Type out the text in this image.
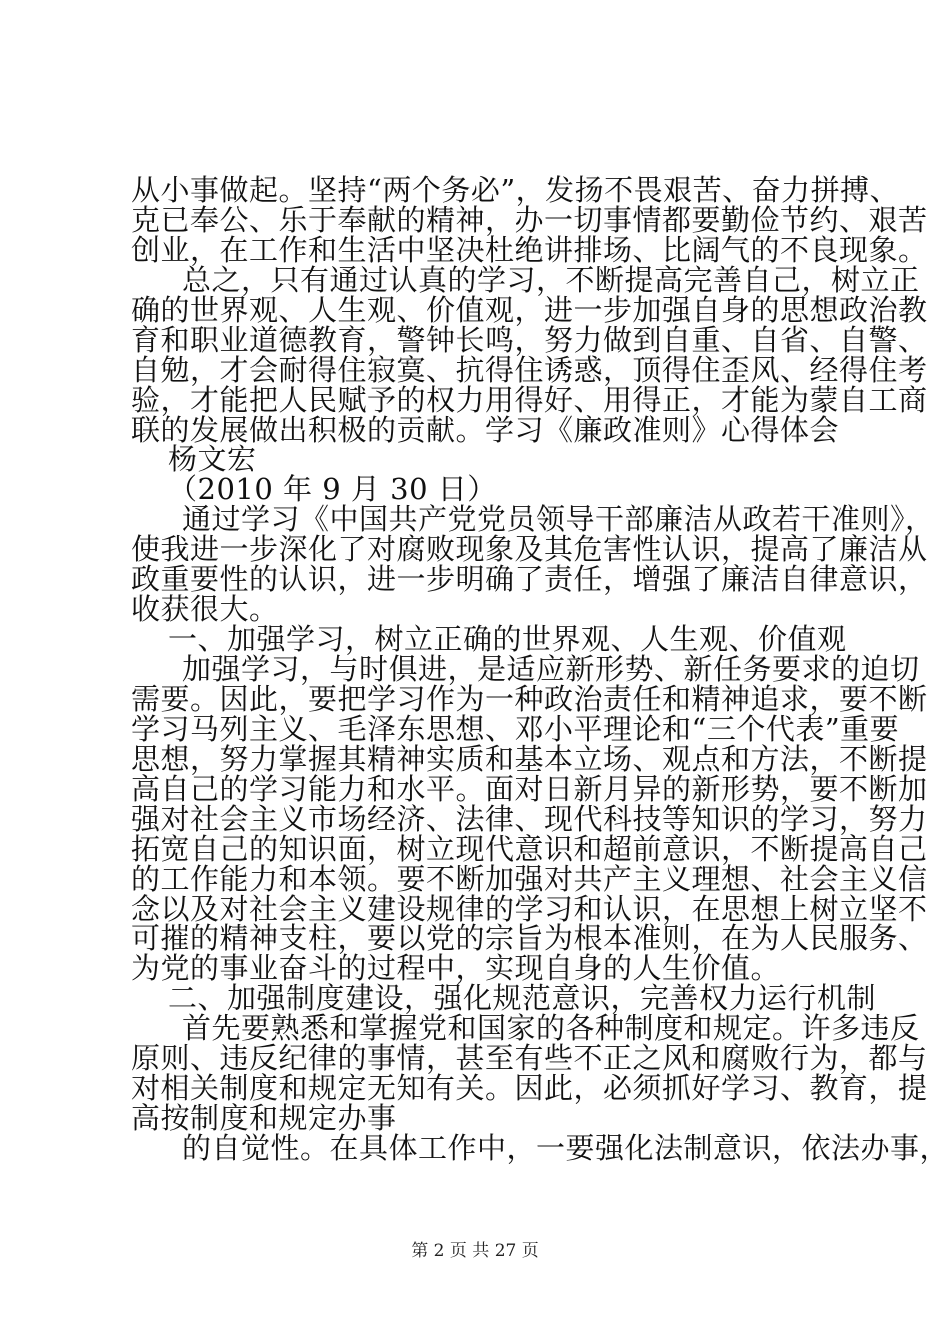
从小事做起。坚持“两个务必”，发扬不畏艰苦、奋力拼搏、
克已奉公、乐于奉献的精神，办一切事情都要勤俭节约、艰苦
创业，在工作和生活中坚决杜绝讲排场、比阔气的不良现象。
总之，只有通过认真的学习，不断提高完善自己，树立正
确的世界观、人生观、价值观，进一步加强自身的思想政治教
育和职业道德教育，警钟长鸣，努力做到自重、自省、自警、
自勉，才会耐得住寂寞、抗得住诱惑，顶得住歪风、经得住考
验，才能把人民赋予的权力用得好、用得正，才能为蒙自工商
联的发展做出积极的贡献。学习《廉政准则》心得体会
杨文宏
（2010 年 9 月 30 日）
通过学习《中国共产党党员领导干部廉洁从政若干准则》，
使我进一步深化了对腐败现象及其危害性认识，提高了廉洁从
政重要性的认识，进一步明确了责任，增强了廉洁自律意识，
收获很大。
一、加强学习，树立正确的世界观、人生观、价值观
加强学习，与时俱进，是适应新形势、新任务要求的迫切
需要。因此，要把学习作为一种政治责任和精神追求，要不断
学习马列主义、毛泽东思想、邓小平理论和“三个代表”重要
思想，努力掌握其精神实质和基本立场、观点和方法，不断提
高自己的学习能力和水平。面对日新月异的新形势，要不断加
强对社会主义市场经济、法律、现代科技等知识的学习，努力
拓宽自己的知识面，树立现代意识和超前意识，不断提高自己
的工作能力和本领。要不断加强对共产主义理想、社会主义信
念以及对社会主义建设规律的学习和认识，在思想上树立坚不
可摧的精神支柱，要以党的宗旨为根本准则，在为人民服务、
为党的事业奋斗的过程中，实现自身的人生价值。
二、加强制度建设，强化规范意识，完善权力运行机制
首先要熟悉和掌握党和国家的各种制度和规定。许多违反
原则、违反纪律的事情，甚至有些不正之风和腐败行为，都与
对相关制度和规定无知有关。因此，必须抓好学习、教育，提
高按制度和规定办事
的自觉性。在具体工作中，一要强化法制意识，依法办事，
第 2 页 共 27 页
